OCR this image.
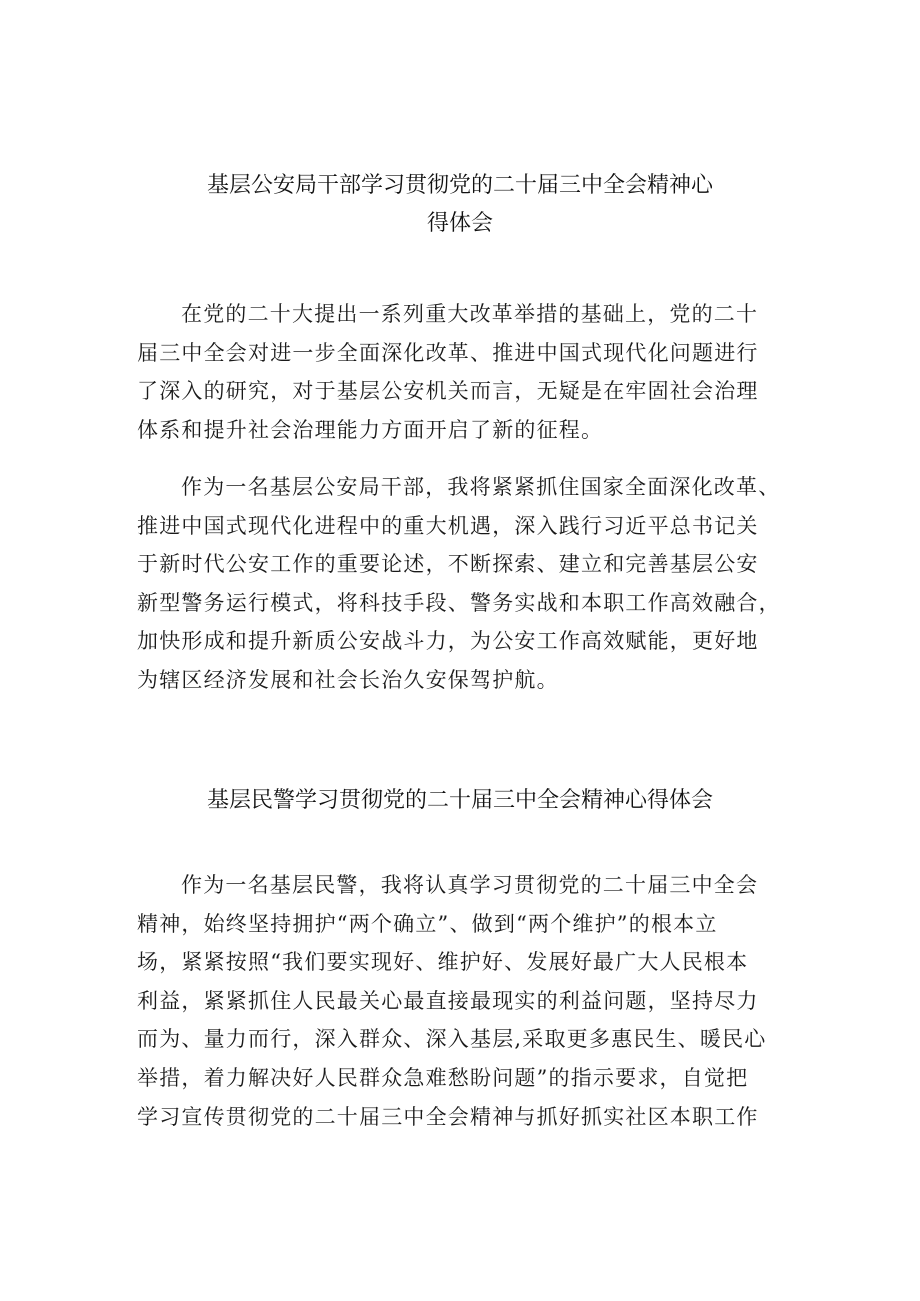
基层公安局干部学习贯彻党的二十届三中全会精神心
得体会
在党的二十大提出一系列重大改革举措的基础上，党的二十
届三中全会对进一步全面深化改革、推进中国式现代化问题进行
了深入的研究，对于基层公安机关而言，无疑是在牢固社会治理
体系和提升社会治理能力方面开启了新的征程。
作为一名基层公安局干部，我将紧紧抓住国家全面深化改革、
推进中国式现代化进程中的重大机遇，深入践行习近平总书记关
于新时代公安工作的重要论述，不断探索、建立和完善基层公安
新型警务运行模式，将科技手段、警务实战和本职工作高效融合，
加快形成和提升新质公安战斗力，为公安工作高效赋能，更好地
为辖区经济发展和社会长治久安保驾护航。
基层民警学习贯彻党的二十届三中全会精神心得体会
作为一名基层民警，我将认真学习贯彻党的二十届三中全会
精神，始终坚持拥护“两个确立”、做到“两个维护”的根本立
场，紧紧按照“我们要实现好、维护好、发展好最广大人民根本
利益，紧紧抓住人民最关心最直接最现实的利益问题，坚持尽力
而为、量力而行，深入群众、深入基层,采取更多惠民生、暖民心
举措，着力解决好人民群众急难愁盼问题”的指示要求，自觉把
学习宣传贯彻党的二十届三中全会精神与抓好抓实社区本职工作
